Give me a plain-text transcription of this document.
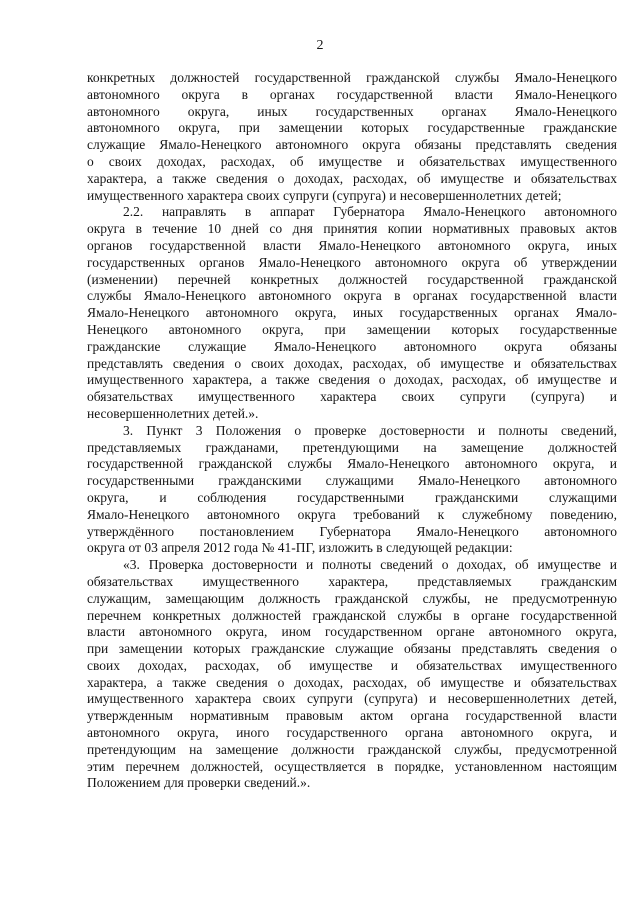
2
конкретных должностей государственной гражданской службы Ямало-Ненецкого
автономного округа в органах государственной власти Ямало-Ненецкого
автономного округа, иных государственных органах Ямало-Ненецкого
автономного округа, при замещении которых государственные гражданские
служащие Ямало-Ненецкого автономного округа обязаны представлять сведения
о своих доходах, расходах, об имуществе и обязательствах имущественного
характера, а также сведения о доходах, расходах, об имуществе и обязательствах
имущественного характера своих супруги (супруга) и несовершеннолетних детей;
2.2. направлять в аппарат Губернатора Ямало-Ненецкого автономного
округа в течение 10 дней со дня принятия копии нормативных правовых актов
органов государственной власти Ямало-Ненецкого автономного округа, иных
государственных органов Ямало-Ненецкого автономного округа об утверждении
(изменении) перечней конкретных должностей государственной гражданской
службы Ямало-Ненецкого автономного округа в органах государственной власти
Ямало-Ненецкого автономного округа, иных государственных органах Ямало-
Ненецкого автономного округа, при замещении которых государственные
гражданские служащие Ямало-Ненецкого автономного округа обязаны
представлять сведения о своих доходах, расходах, об имуществе и обязательствах
имущественного характера, а также сведения о доходах, расходах, об имуществе и
обязательствах имущественного характера своих супруги (супруга) и
несовершеннолетних детей.».
3. Пункт 3 Положения о проверке достоверности и полноты сведений,
представляемых гражданами, претендующими на замещение должностей
государственной гражданской службы Ямало-Ненецкого автономного округа, и
государственными гражданскими служащими Ямало-Ненецкого автономного
округа, и соблюдения государственными гражданскими служащими
Ямало-Ненецкого автономного округа требований к служебному поведению,
утверждённого постановлением Губернатора Ямало-Ненецкого автономного
округа от 03 апреля 2012 года № 41-ПГ, изложить в следующей редакции:
«3. Проверка достоверности и полноты сведений о доходах, об имуществе и
обязательствах имущественного характера, представляемых гражданским
служащим, замещающим должность гражданской службы, не предусмотренную
перечнем конкретных должностей гражданской службы в органе государственной
власти автономного округа, ином государственном органе автономного округа,
при замещении которых гражданские служащие обязаны представлять сведения о
своих доходах, расходах, об имуществе и обязательствах имущественного
характера, а также сведения о доходах, расходах, об имуществе и обязательствах
имущественного характера своих супруги (супруга) и несовершеннолетних детей,
утвержденным нормативным правовым актом органа государственной власти
автономного округа, иного государственного органа автономного округа, и
претендующим на замещение должности гражданской службы, предусмотренной
этим перечнем должностей, осуществляется в порядке, установленном настоящим
Положением для проверки сведений.».
